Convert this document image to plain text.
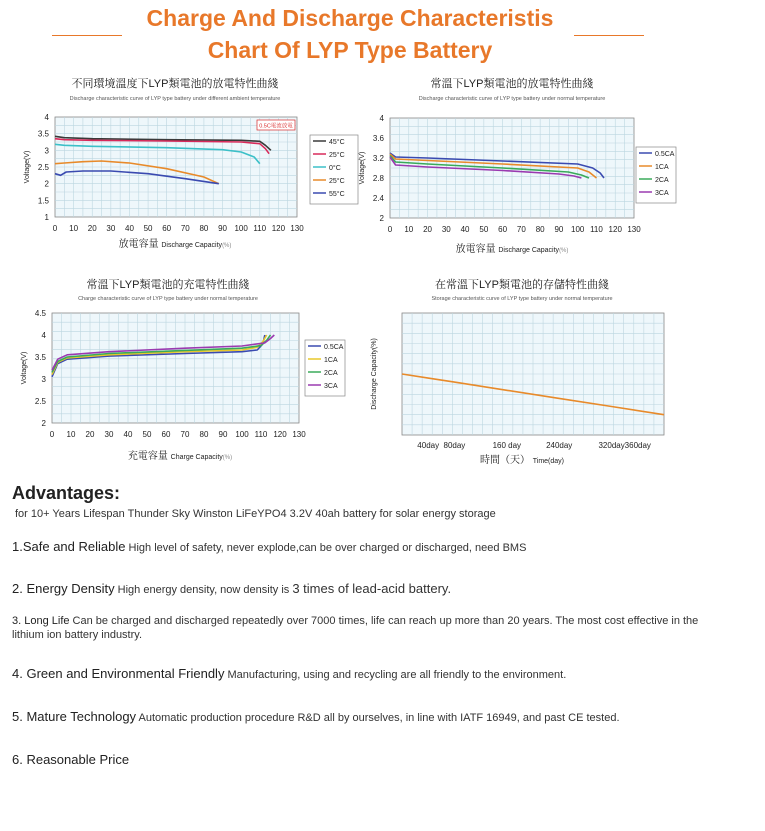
Charge And Discharge Characteristis
Chart Of LYP Type Battery
不同環境溫度下LYP類電池的放電特性曲綫
Discharge characteristic curve of LYP type battery under different ambient temperature
4
3.5
3
2.5
2
1.5
1
0 10 20 30 40 50 60 70 80 90 100 110 120 130
Voltage(V)
放電容量 Discharge Capacity(%)
0.5C電流放電
45°C
25°C
0°C
25°C
55°C
常溫下LYP類電池的放電特性曲綫
Discharge characteristic curve of LYP type battery under normal temperature
4
3.6
3.2
2.8
2.4
2
0 10 20 30 40 50 60 70 80 90 100 110 120 130
Voltage(V)
放電容量 Discharge Capacity(%)
0.5CA
1CA
2CA
3CA
常溫下LYP類電池的充電特性曲綫
Charge characteristic curve of LYP type battery under normal temperature
4.5
4
3.5
3
2.5
2
0 10 20 30 40 50 60 70 80 90 100 110 120 130
Voltage(V)
充電容量 Charge Capacity(%)
0.5CA
1CA
2CA
3CA
在常溫下LYP類電池的存儲特性曲綫
Storage characteristic curve of LYP type battery under normal temperature
40day 80day	160 day	240day	320day 360day
Discharge Capacity(%)
時間（天） Time(day)
Advantages:
for 10+ Years Lifespan Thunder Sky Winston LiFeYPO4 3.2V 40ah battery for solar energy storage
1.Safe and Reliable High level of safety, never explode,can be over charged or discharged, need BMS
2. Energy Density High energy density, now density is 3 times of lead-acid battery.
3. Long Life Can be charged and discharged repeatedly over 7000 times, life can reach up more than 20 years. The most cost effective in the lithium ion battery industry.
4. Green and Environmental Friendly Manufacturing, using and recycling are all friendly to the environment.
5. Mature Technology Automatic production procedure R&D all by ourselves, in line with IATF 16949, and past CE tested.
6. Reasonable Price
